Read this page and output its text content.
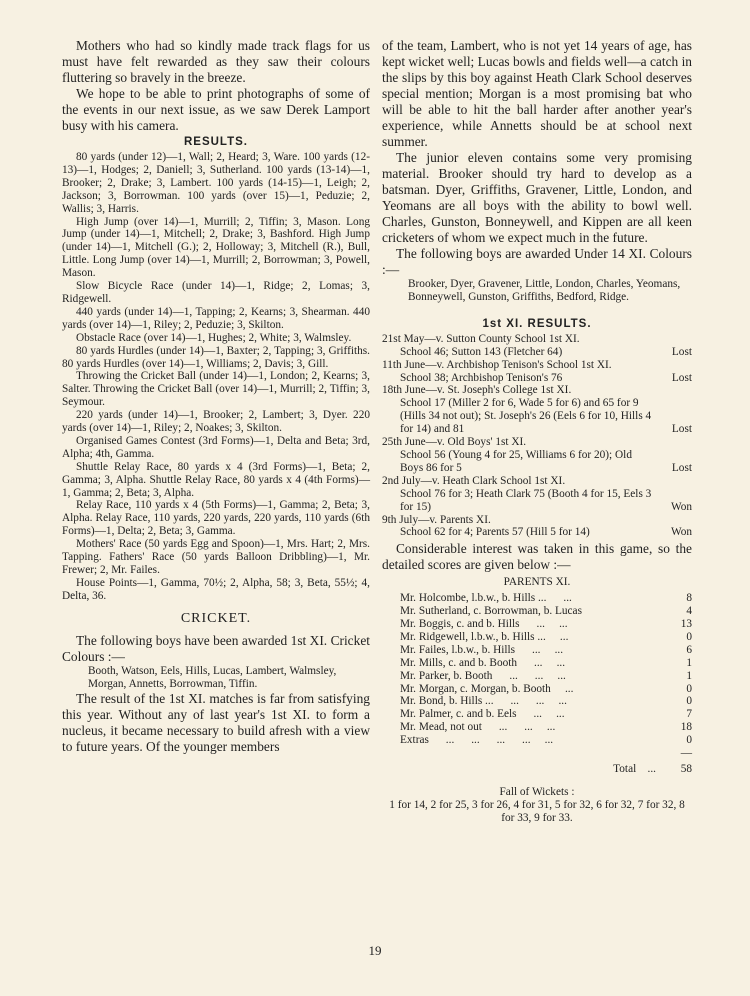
Mothers who had so kindly made track flags for us must have felt rewarded as they saw their colours fluttering so bravely in the breeze.

We hope to be able to print photographs of some of the events in our next issue, as we saw Derek Lamport busy with his camera.

RESULTS.

80 yards (under 12)—1, Wall; 2, Heard; 3, Ware. 100 yards (12-13)—1, Hodges; 2, Daniell; 3, Sutherland. 100 yards (13-14)—1, Brooker; 2, Drake; 3, Lambert. 100 yards (14-15)—1, Leigh; 2, Jackson; 3, Borrowman. 100 yards (over 15)—1, Peduzie; 2, Wallis; 3, Harris.

High Jump (over 14)—1, Murrill; 2, Tiffin; 3, Mason. Long Jump (under 14)—1, Mitchell; 2, Drake; 3, Bashford. High Jump (under 14)—1, Mitchell (G.); 2, Holloway; 3, Mitchell (R.), Bull, Little. Long Jump (over 14)—1, Murrill; 2, Borrowman; 3, Powell, Mason.

Slow Bicycle Race (under 14)—1, Ridge; 2, Lomas; 3, Ridgewell.

440 yards (under 14)—1, Tapping; 2, Kearns; 3, Shearman. 440 yards (over 14)—1, Riley; 2, Peduzie; 3, Skilton.

Obstacle Race (over 14)—1, Hughes; 2, White; 3, Walmsley.

80 yards Hurdles (under 14)—1, Baxter; 2, Tapping; 3, Griffiths. 80 yards Hurdles (over 14)—1, Williams; 2, Davis; 3, Gill.

Throwing the Cricket Ball (under 14)—1, London; 2, Kearns; 3, Salter. Throwing the Cricket Ball (over 14)—1, Murrill; 2, Tiffin; 3, Seymour.

220 yards (under 14)—1, Brooker; 2, Lambert; 3, Dyer. 220 yards (over 14)—1, Riley; 2, Noakes; 3, Skilton.

Organised Games Contest (3rd Forms)—1, Delta and Beta; 3rd, Alpha; 4th, Gamma.

Shuttle Relay Race, 80 yards x 4 (3rd Forms)—1, Beta; 2, Gamma; 3, Alpha. Shuttle Relay Race, 80 yards x 4 (4th Forms)—1, Gamma; 2, Beta; 3, Alpha.

Relay Race, 110 yards x 4 (5th Forms)—1, Gamma; 2, Beta; 3, Alpha. Relay Race, 110 yards, 220 yards, 220 yards, 110 yards (6th Forms)—1, Delta; 2, Beta; 3, Gamma.

Mothers' Race (50 yards Egg and Spoon)—1, Mrs. Hart; 2, Mrs. Tapping. Fathers' Race (50 yards Balloon Dribbling)—1, Mr. Frewer; 2, Mr. Failes.

House Points—1, Gamma, 70½; 2, Alpha, 58; 3, Beta, 55½; 4, Delta, 36.

CRICKET.

The following boys have been awarded 1st XI. Cricket Colours :—

Booth, Watson, Eels, Hills, Lucas, Lambert, Walmsley, Morgan, Annetts, Borrowman, Tiffin.

The result of the 1st XI. matches is far from satisfying this year. Without any of last year's 1st XI. to form a nucleus, it became necessary to build afresh with a view to future years. Of the younger members

of the team, Lambert, who is not yet 14 years of age, has kept wicket well; Lucas bowls and fields well—a catch in the slips by this boy against Heath Clark School deserves special mention; Morgan is a most promising bat who will be able to hit the ball harder after another year's experience, while Annetts should be at school next summer.

The junior eleven contains some very promising material. Brooker should try hard to develop as a batsman. Dyer, Griffiths, Gravener, Little, London, and Yeomans are all boys with the ability to bowl well. Charles, Gunston, Bonneywell, and Kippen are all keen cricketers of whom we expect much in the future.

The following boys are awarded Under 14 XI. Colours :—

Brooker, Dyer, Gravener, Little, London, Charles, Yeomans, Bonneywell, Gunston, Griffiths, Bedford, Ridge.

1st XI. RESULTS.
21st May—v. Sutton County School 1st XI.
School 46; Sutton 143 (Fletcher 64)	Lost
11th June—v. Archbishop Tenison's School 1st XI.
School 38; Archbishop Tenison's 76	Lost
18th June—v. St. Joseph's College 1st XI.
School 17 (Miller 2 for 6, Wade 5 for 6) and 65 for 9 (Hills 34 not out); St. Joseph's 26 (Eels 6 for 10, Hills 4 for 14) and 81	Lost
25th June—v. Old Boys' 1st XI.
School 56 (Young 4 for 25, Williams 6 for 20); Old Boys 86 for 5	Lost
2nd July—v. Heath Clark School 1st XI.
School 76 for 3; Heath Clark 75 (Booth 4 for 15, Eels 3 for 15)	Won
9th July—v. Parents XI.
School 62 for 4; Parents 57 (Hill 5 for 14)	Won

Considerable interest was taken in this game, so the detailed scores are given below :—

PARENTS XI.
Mr. Holcombe, l.b.w., b. Hills ...      ...	8
Mr. Sutherland, c. Borrowman, b. Lucas	4
Mr. Boggis, c. and b. Hills      ...     ...	13
Mr. Ridgewell, l.b.w., b. Hills ...     ...	0
Mr. Failes, l.b.w., b. Hills      ...     ...	6
Mr. Mills, c. and b. Booth      ...     ...	1
Mr. Parker, b. Booth      ...      ...     ...	1
Mr. Morgan, c. Morgan, b. Booth     ...	0
Mr. Bond, b. Hills ...      ...      ...     ...	0
Mr. Palmer, c. and b. Eels      ...     ...	7
Mr. Mead, not out      ...      ...     ...	18
Extras      ...      ...      ...      ...     ...	0
—
Total    ...	58
Fall of Wickets :
1 for 14, 2 for 25, 3 for 26, 4 for 31, 5 for 32, 6 for 32, 7 for 32, 8 for 33, 9 for 33.
19
